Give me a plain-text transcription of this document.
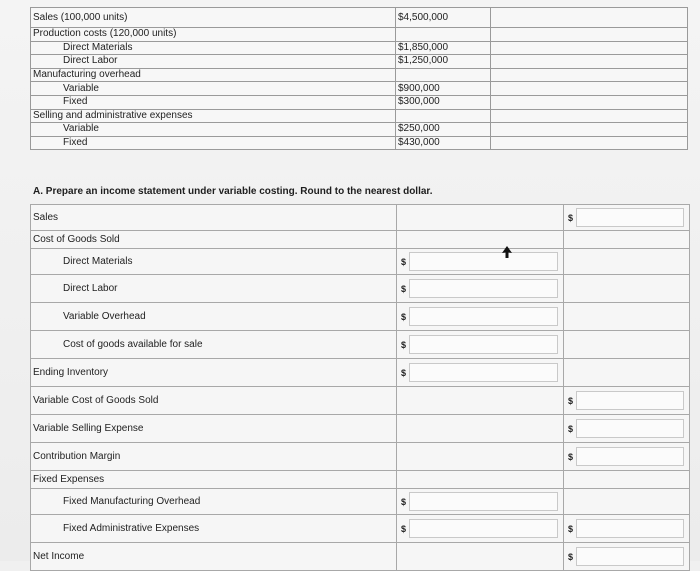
Sales (100,000 units)	$4,500,000	
Production costs (120,000 units)		
Direct Materials	$1,850,000	
Direct Labor	$1,250,000	
Manufacturing overhead		
Variable	$900,000	
Fixed	$300,000	
Selling and administrative expenses		
Variable	$250,000	
Fixed	$430,000	
A. Prepare an income statement under variable costing. Round to the nearest dollar.
Sales		$

Cost of Goods Sold		
Direct Materials	$	

Direct Labor	$	

Variable Overhead	$	

Cost of goods available for sale	$	

Ending Inventory	$	

Variable Cost of Goods Sold		$

Variable Selling Expense		$

Contribution Margin		$

Fixed Expenses		
Fixed Manufacturing Overhead	$	

Fixed Administrative Expenses	$	$

Net Income		$
